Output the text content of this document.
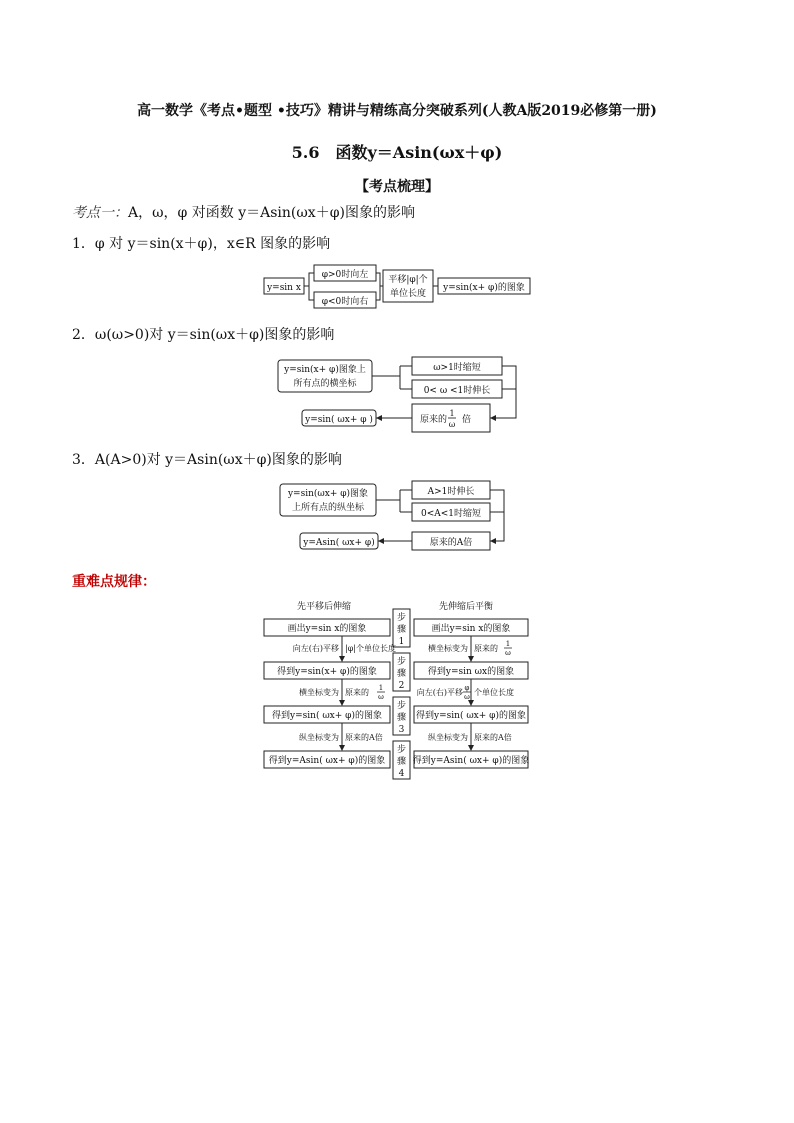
高一数学《考点•题型 •技巧》精讲与精练高分突破系列(人教A版2019必修第一册)
5.6　函数y＝Asin(ωx＋φ)
【考点梳理】
考点一：A，ω，φ 对函数 y＝Asin(ωx＋φ)图象的影响
1．φ 对 y＝sin(x＋φ)，x∈R 图象的影响
y=sin x
φ>0时向左
φ<0时向右
平移|φ|个
单位长度
y=sin(x+ φ)的图象
2．ω(ω>0)对 y＝sin(ωx＋φ)图象的影响
y=sin(x+ φ)图象上
所有点的横坐标
ω>1时缩短
0< ω <1时伸长
原来的
1
ω 倍
y=sin( ωx+ φ )
3．A(A>0)对 y＝Asin(ωx＋φ)图象的影响
y=sin(ωx+ φ)图象
上所有点的纵坐标
A>1时伸长
0<A<1时缩短
原来的A倍
y=Asin( ωx+ φ)
重难点规律：
先平移后伸缩	先伸缩后平衡
画出y=sin x的图象
得到y=sin(x+ φ)的图象
得到y=sin( ωx+ φ)的图象
得到y=Asin( ωx+ φ)的图象
画出y=sin x的图象
得到y=sin ωx的图象
得到y=sin( ωx+ φ)的图象
得到y=Asin( ωx+ φ)的图象
步
骤
1
步
骤
2
步
骤
3
步
骤
4
向左(右)平移 |φ|个单位长度
横坐标变为 原来的 1
ω
纵坐标变为 原来的A倍
横坐标变为 原来的 1
ω
向左(右)平移 φ
ω 个单位长度
纵坐标变为 原来的A倍
